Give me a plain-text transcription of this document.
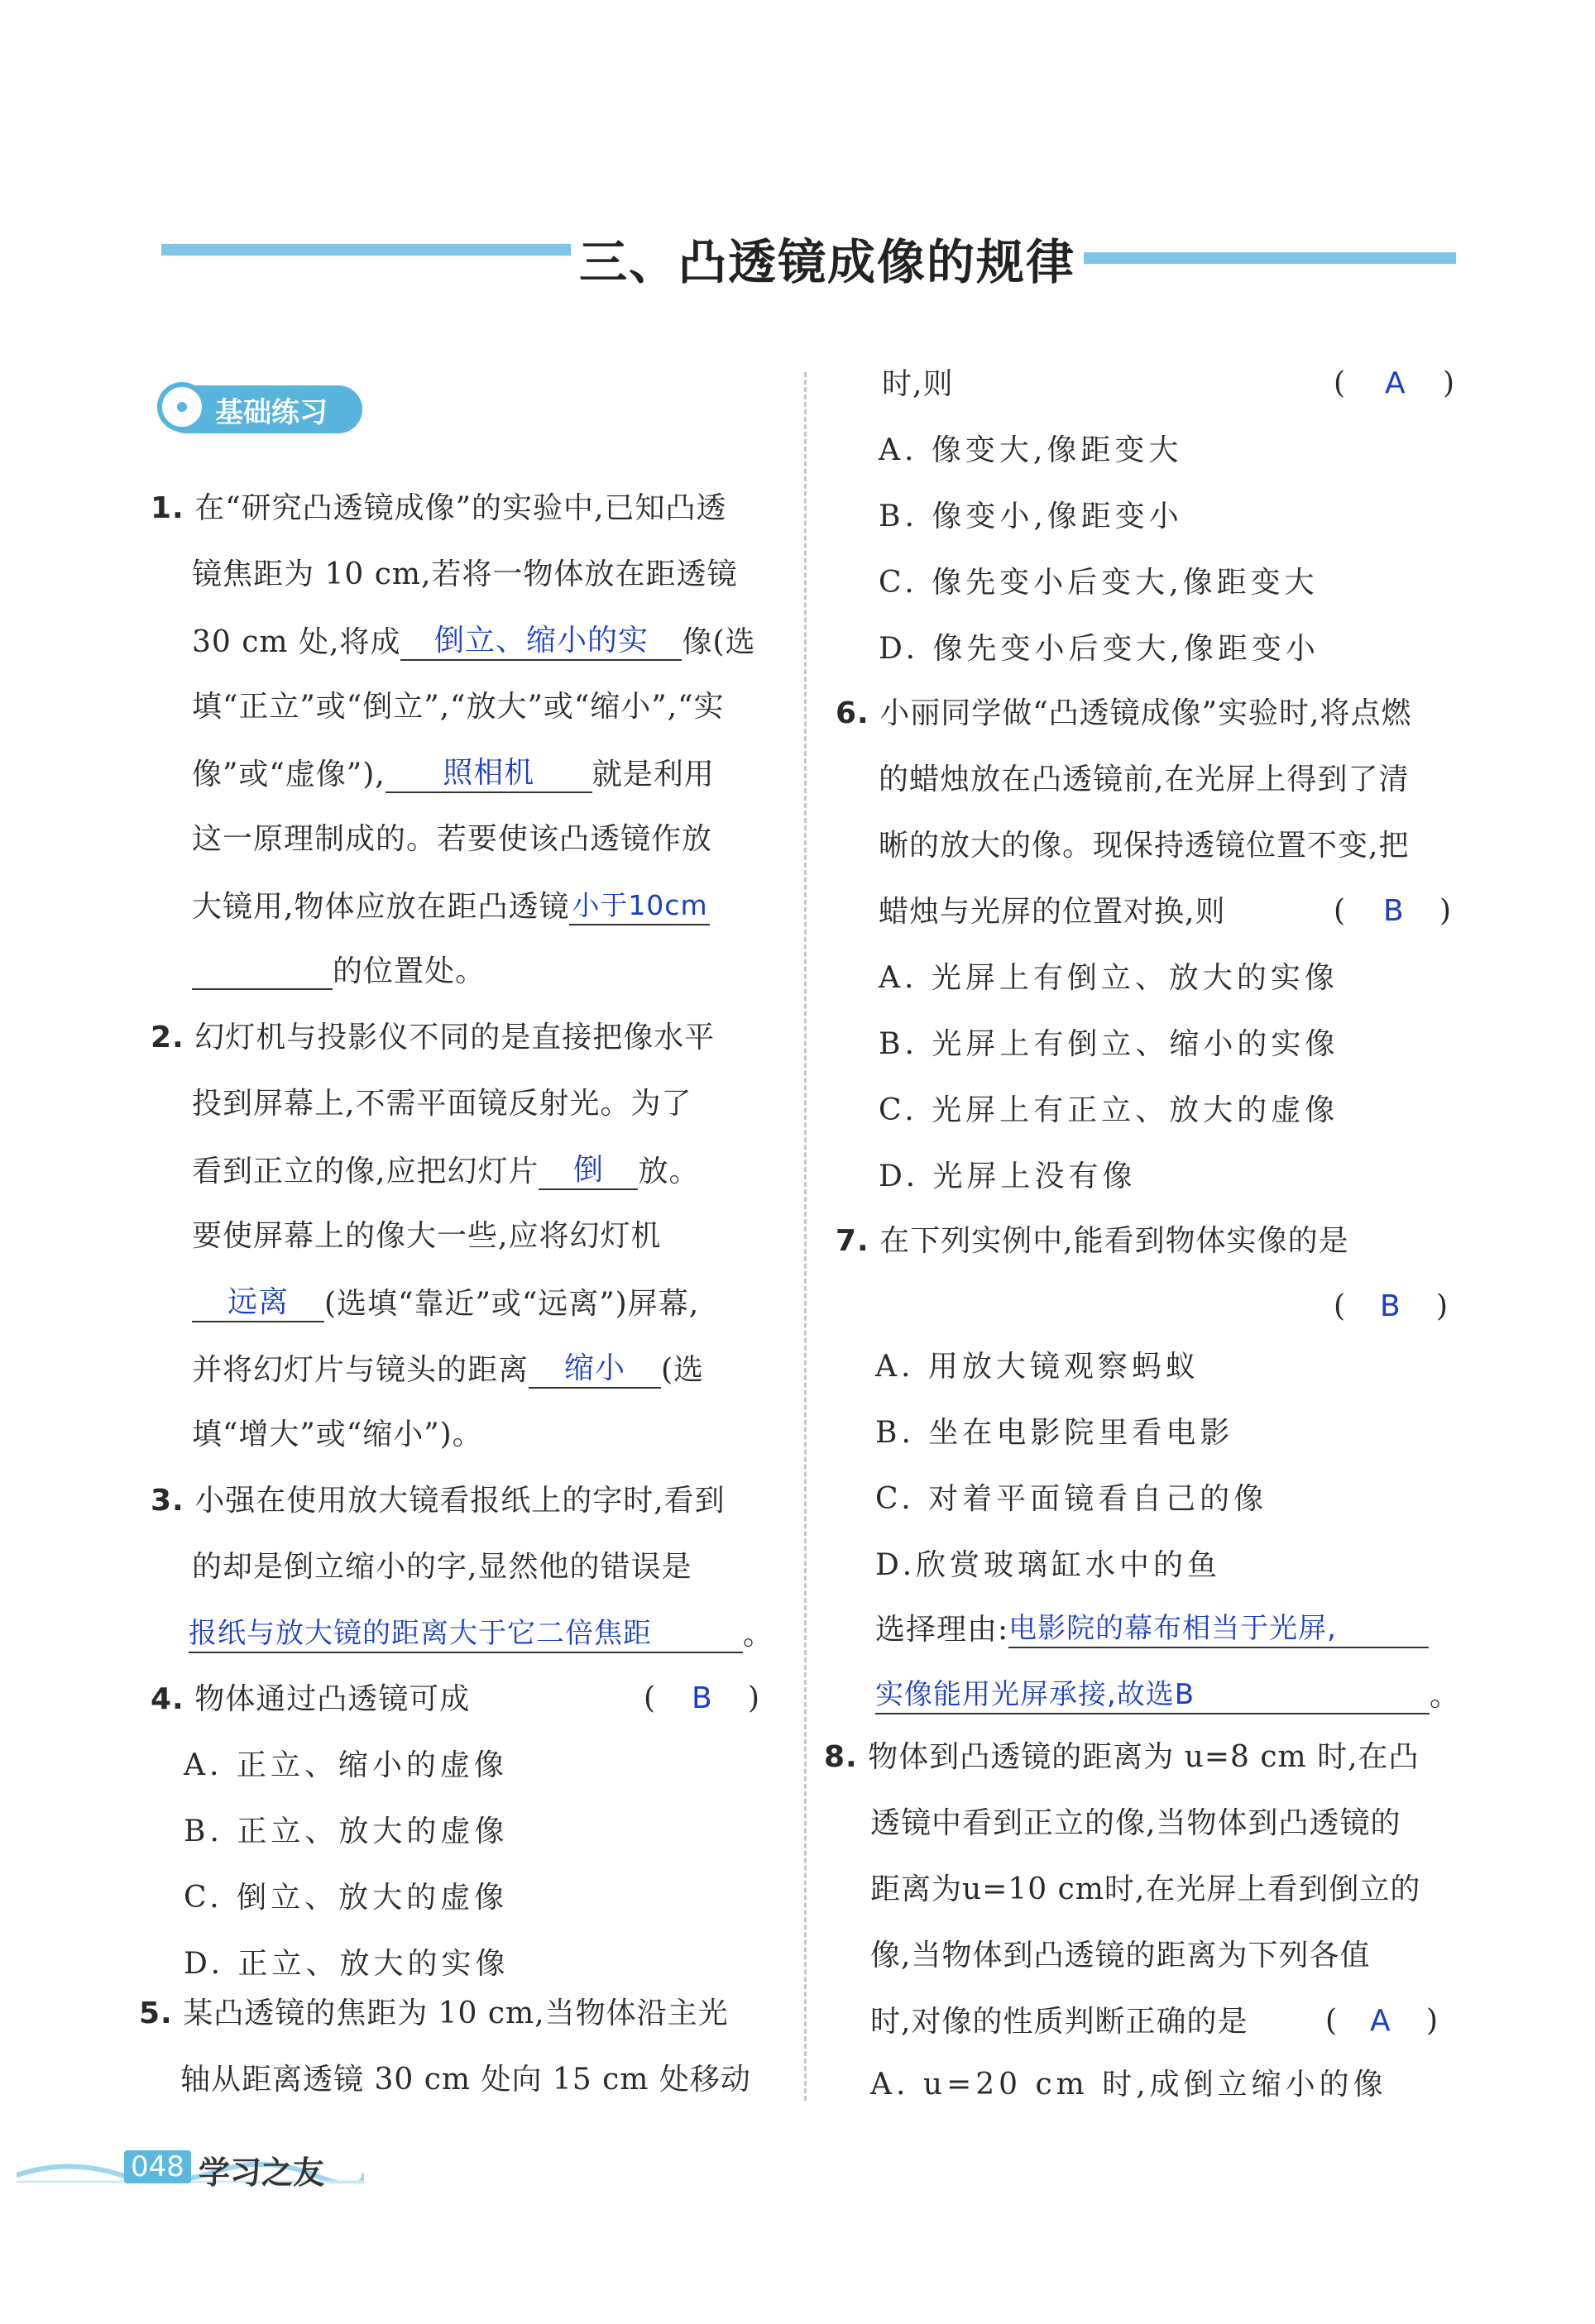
三、凸透镜成像的规律
基础练习
1. 在“研究凸透镜成像”的实验中,已知凸透
镜焦距为 10 cm,若将一物体放在距透镜
30 cm 处,将成 倒立、缩小的实 像(选
填“正立”或“倒立”,“放大”或“缩小”,“实
像”或“虚像”), 照相机 就是利用
这一原理制成的。若要使该凸透镜作放
大镜用,物体应放在距凸透镜小于10cm
的位置处。
2. 幻灯机与投影仪不同的是直接把像水平
投到屏幕上,不需平面镜反射光。为了
看到正立的像,应把幻灯片 倒 放。
要使屏幕上的像大一些,应将幻灯机
远离 (选填“靠近”或“远离”)屏幕,
并将幻灯片与镜头的距离 缩小 (选
填“增大”或“缩小”)。
3. 小强在使用放大镜看报纸上的字时,看到
的却是倒立缩小的字,显然他的错误是
报纸与放大镜的距离大于它二倍焦距	。
4. 物体通过凸透镜可成	( B )
A. 正立、缩小的虚像
B. 正立、放大的虚像
C. 倒立、放大的虚像
D. 正立、放大的实像
5. 某凸透镜的焦距为 10 cm,当物体沿主光
轴从距离透镜 30 cm 处向 15 cm 处移动
时,则	( A )
A. 像变大,像距变大
B. 像变小,像距变小
C. 像先变小后变大,像距变大
D. 像先变小后变大,像距变小
6. 小丽同学做“凸透镜成像”实验时,将点燃
的蜡烛放在凸透镜前,在光屏上得到了清
晰的放大的像。现保持透镜位置不变,把
蜡烛与光屏的位置对换,则	( B )
A. 光屏上有倒立、放大的实像
B. 光屏上有倒立、缩小的实像
C. 光屏上有正立、放大的虚像
D. 光屏上没有像
7. 在下列实例中,能看到物体实像的是
( B )
A. 用放大镜观察蚂蚁
B. 坐在电影院里看电影
C. 对着平面镜看自己的像
D.欣赏玻璃缸水中的鱼
选择理由:电影院的幕布相当于光屏,
实像能用光屏承接,故选B	。
8. 物体到凸透镜的距离为 u=8 cm 时,在凸
透镜中看到正立的像,当物体到凸透镜的
距离为u=10 cm时,在光屏上看到倒立的
像,当物体到凸透镜的距离为下列各值
时,对像的性质判断正确的是	( A )
A. u=20 cm 时,成倒立缩小的像
048 学习之友
